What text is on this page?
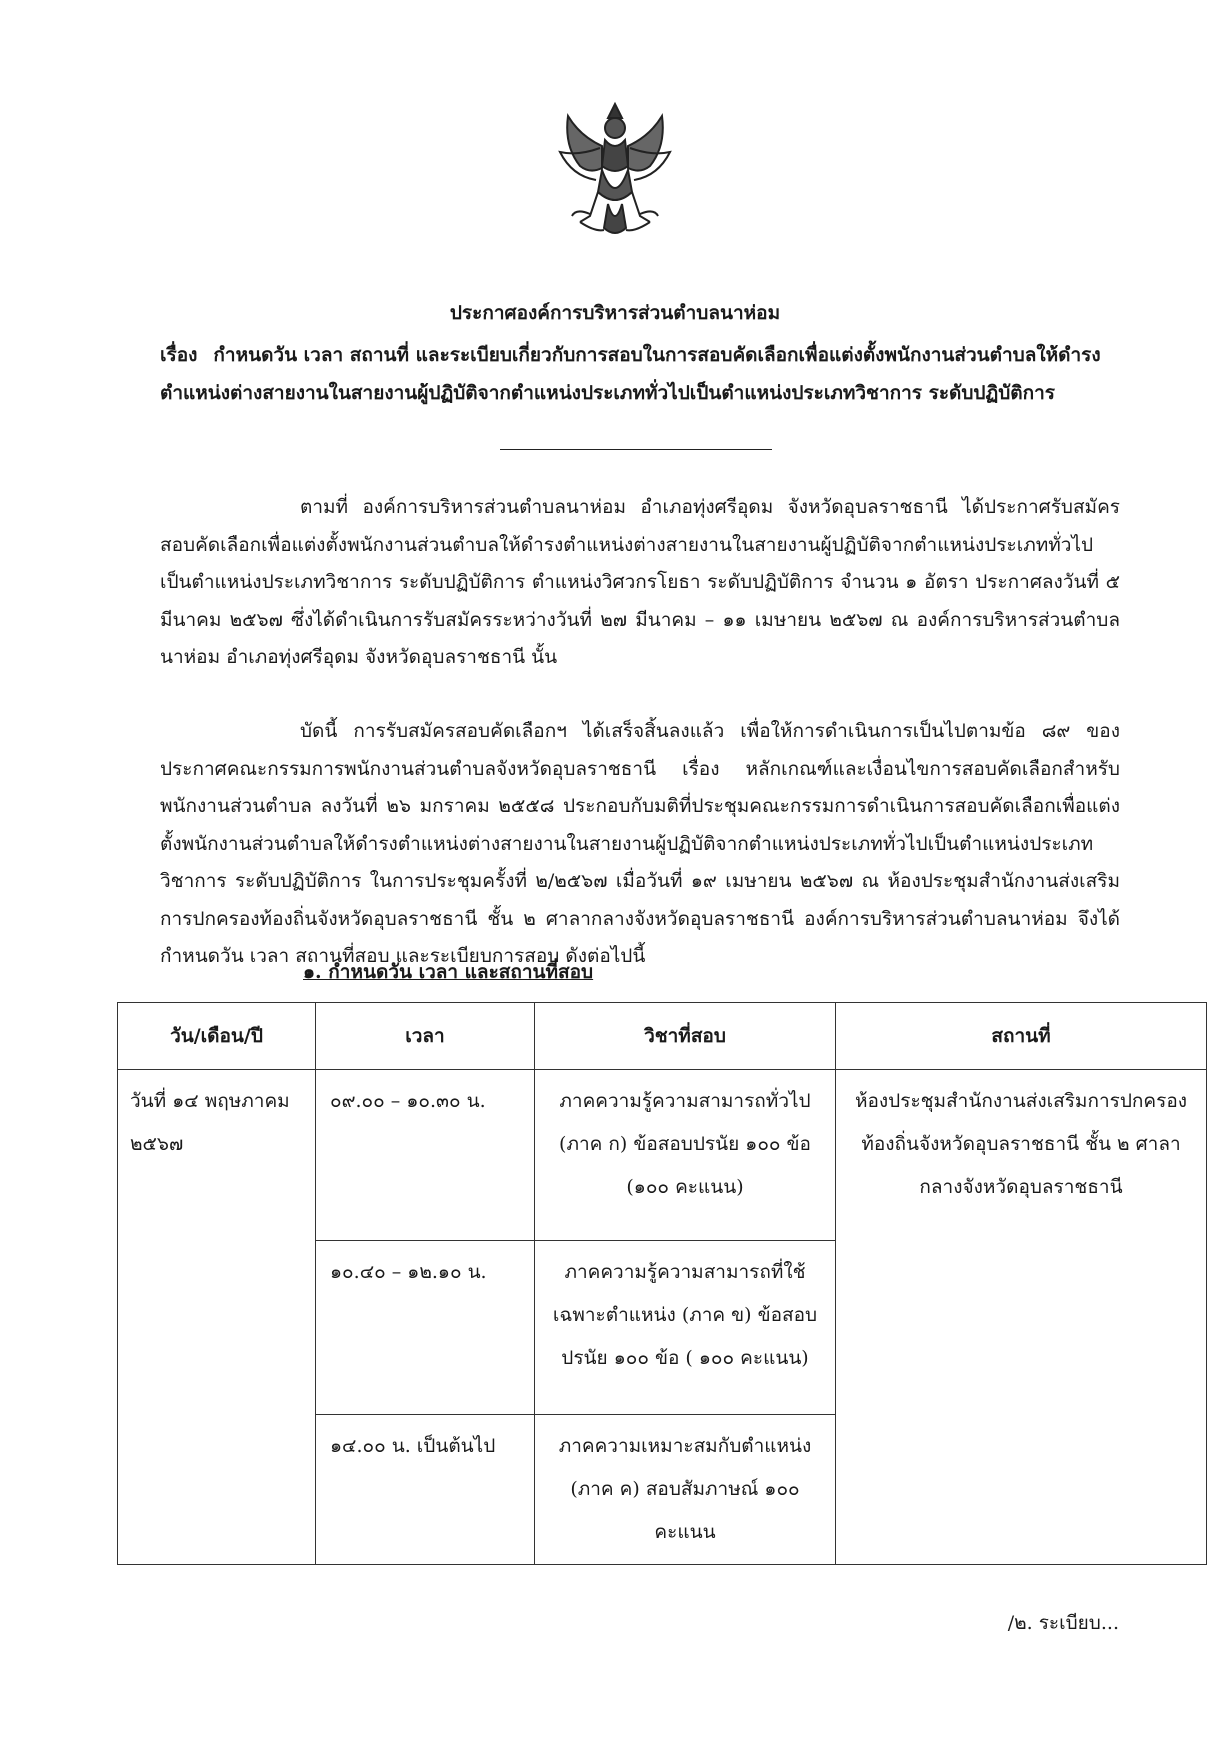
ประกาศองค์การบริหารส่วนตำบลนาห่อม

เรื่อง กำหนดวัน เวลา สถานที่ และระเบียบเกี่ยวกับการสอบในการสอบคัดเลือกเพื่อแต่งตั้งพนักงานส่วนตำบลให้ดำรงตำแหน่งต่างสายงานในสายงานผู้ปฏิบัติจากตำแหน่งประเภททั่วไปเป็นตำแหน่งประเภทวิชาการ ระดับปฏิบัติการ

ตามที่ องค์การบริหารส่วนตำบลนาห่อม อำเภอทุ่งศรีอุดม จังหวัดอุบลราชธานี ได้ประกาศรับสมัครสอบคัดเลือกเพื่อแต่งตั้งพนักงานส่วนตำบลให้ดำรงตำแหน่งต่างสายงานในสายงานผู้ปฏิบัติจากตำแหน่งประเภททั่วไป เป็นตำแหน่งประเภทวิชาการ ระดับปฏิบัติการ ตำแหน่งวิศวกรโยธา ระดับปฏิบัติการ จำนวน ๑ อัตรา ประกาศลงวันที่ ๕ มีนาคม ๒๕๖๗ ซึ่งได้ดำเนินการรับสมัครระหว่างวันที่ ๒๗ มีนาคม – ๑๑ เมษายน ๒๕๖๗ ณ องค์การบริหารส่วนตำบลนาห่อม อำเภอทุ่งศรีอุดม จังหวัดอุบลราชธานี นั้น

บัดนี้ การรับสมัครสอบคัดเลือกฯ ได้เสร็จสิ้นลงแล้ว เพื่อให้การดำเนินการเป็นไปตามข้อ ๘๙ ของประกาศคณะกรรมการพนักงานส่วนตำบลจังหวัดอุบลราชธานี เรื่อง หลักเกณฑ์และเงื่อนไขการสอบคัดเลือกสำหรับพนักงานส่วนตำบล ลงวันที่ ๒๖ มกราคม ๒๕๕๘ ประกอบกับมติที่ประชุมคณะกรรมการดำเนินการสอบคัดเลือกเพื่อแต่งตั้งพนักงานส่วนตำบลให้ดำรงตำแหน่งต่างสายงานในสายงานผู้ปฏิบัติจากตำแหน่งประเภททั่วไปเป็นตำแหน่งประเภทวิชาการ ระดับปฏิบัติการ ในการประชุมครั้งที่ ๒/๒๕๖๗ เมื่อวันที่ ๑๙ เมษายน ๒๕๖๗ ณ ห้องประชุมสำนักงานส่งเสริมการปกครองท้องถิ่นจังหวัดอุบลราชธานี ชั้น ๒ ศาลากลางจังหวัดอุบลราชธานี องค์การบริหารส่วนตำบลนาห่อม จึงได้กำหนดวัน เวลา สถานที่สอบ และระเบียบการสอบ ดังต่อไปนี้

๑. กำหนดวัน เวลา และสถานที่สอบ

วัน/เดือน/ปี	เวลา	วิชาที่สอบ	สถานที่

วันที่ ๑๔ พฤษภาคม ๒๕๖๗	๐๙.๐๐ – ๑๐.๓๐ น.	ภาคความรู้ความสามารถทั่วไป (ภาค ก) ข้อสอบปรนัย ๑๐๐ ข้อ (๑๐๐ คะแนน)	ห้องประชุมสำนักงานส่งเสริมการปกครองท้องถิ่นจังหวัดอุบลราชธานี ชั้น ๒ ศาลากลางจังหวัดอุบลราชธานี

	๑๐.๔๐ – ๑๒.๑๐ น.	ภาคความรู้ความสามารถที่ใช้เฉพาะตำแหน่ง (ภาค ข) ข้อสอบปรนัย ๑๐๐ ข้อ ( ๑๐๐ คะแนน)	

	๑๔.๐๐ น. เป็นต้นไป	ภาคความเหมาะสมกับตำแหน่ง (ภาค ค) สอบสัมภาษณ์ ๑๐๐ คะแนน	

/๒. ระเบียบ...
